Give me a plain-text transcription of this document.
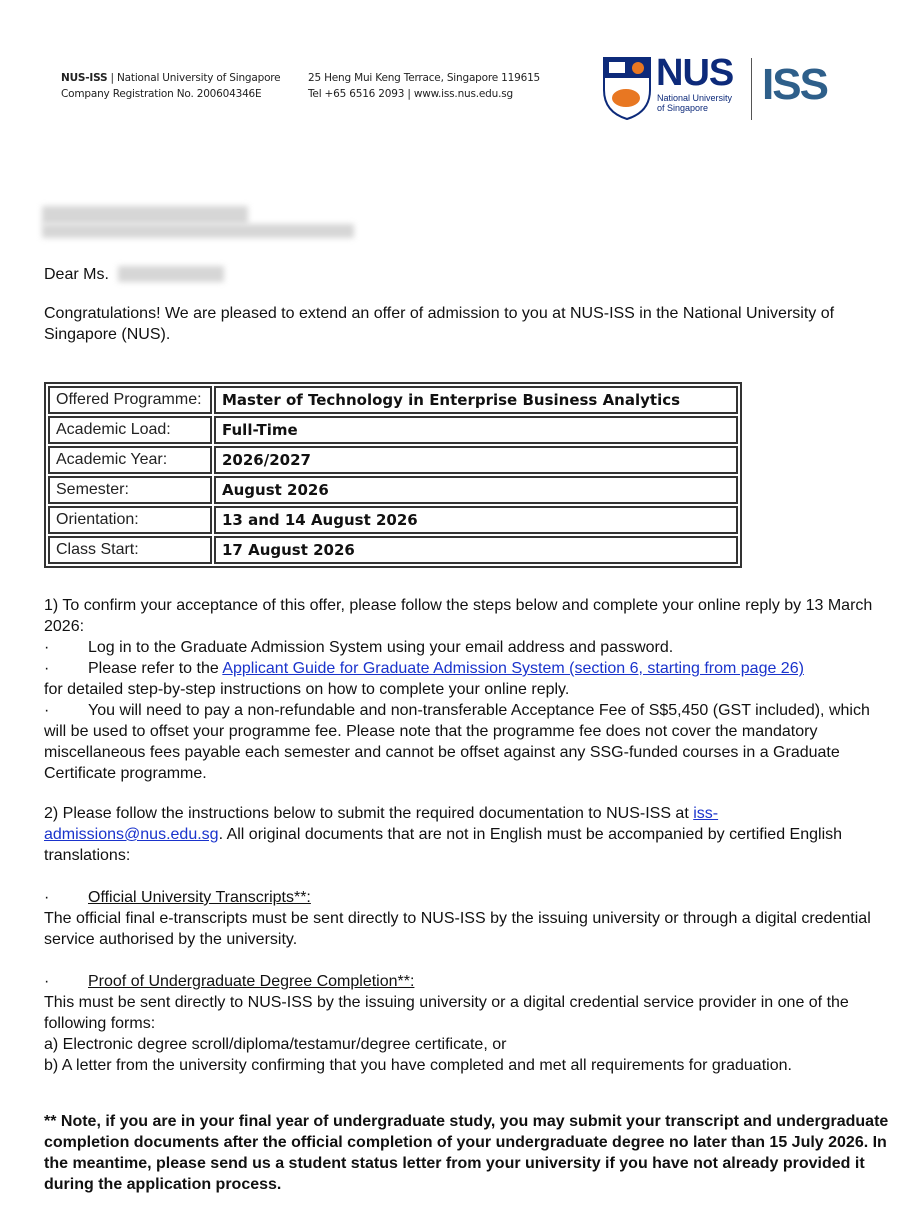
NUS-ISS | National University of Singapore
Company Registration No. 200604346E
25 Heng Mui Keng Terrace, Singapore 119615
Tel +65 6516 2093 | www.iss.nus.edu.sg	NUS
National University
of Singapore	ISS
Dear Ms.

Congratulations! We are pleased to extend an offer of admission to you at NUS-ISS in the National University of Singapore (NUS).

Offered Programme:	Master of Technology in Enterprise Business Analytics
Academic Load:	Full-Time
Academic Year:	2026/2027
Semester:	August 2026
Orientation:	13 and 14 August 2026
Class Start:	17 August 2026

1) To confirm your acceptance of this offer, please follow the steps below and complete your online reply by 13 March 2026:

·	Log in to the Graduate Admission System using your email address and password.
·	Please refer to the Applicant Guide for Graduate Admission System (section 6, starting from page 26)

for detailed step-by-step instructions on how to complete your online reply.

· You will need to pay a non-refundable and non-transferable Acceptance Fee of S$5,450 (GST included), which will be used to offset your programme fee. Please note that the programme fee does not cover the mandatory miscellaneous fees payable each semester and cannot be offset against any SSG-funded courses in a Graduate Certificate programme.

2) Please follow the instructions below to submit the required documentation to NUS-ISS at iss-admissions@nus.edu.sg. All original documents that are not in English must be accompanied by certified English translations:

·	Official University Transcripts**:

The official final e-transcripts must be sent directly to NUS-ISS by the issuing university or through a digital credential service authorised by the university.

·	Proof of Undergraduate Degree Completion**:

This must be sent directly to NUS-ISS by the issuing university or a digital credential service provider in one of the following forms:

a) Electronic degree scroll/diploma/testamur/degree certificate, or

b) A letter from the university confirming that you have completed and met all requirements for graduation.

** Note, if you are in your final year of undergraduate study, you may submit your transcript and undergraduate completion documents after the official completion of your undergraduate degree no later than 15 July 2026. In the meantime, please send us a student status letter from your university if you have not already provided it during the application process.
